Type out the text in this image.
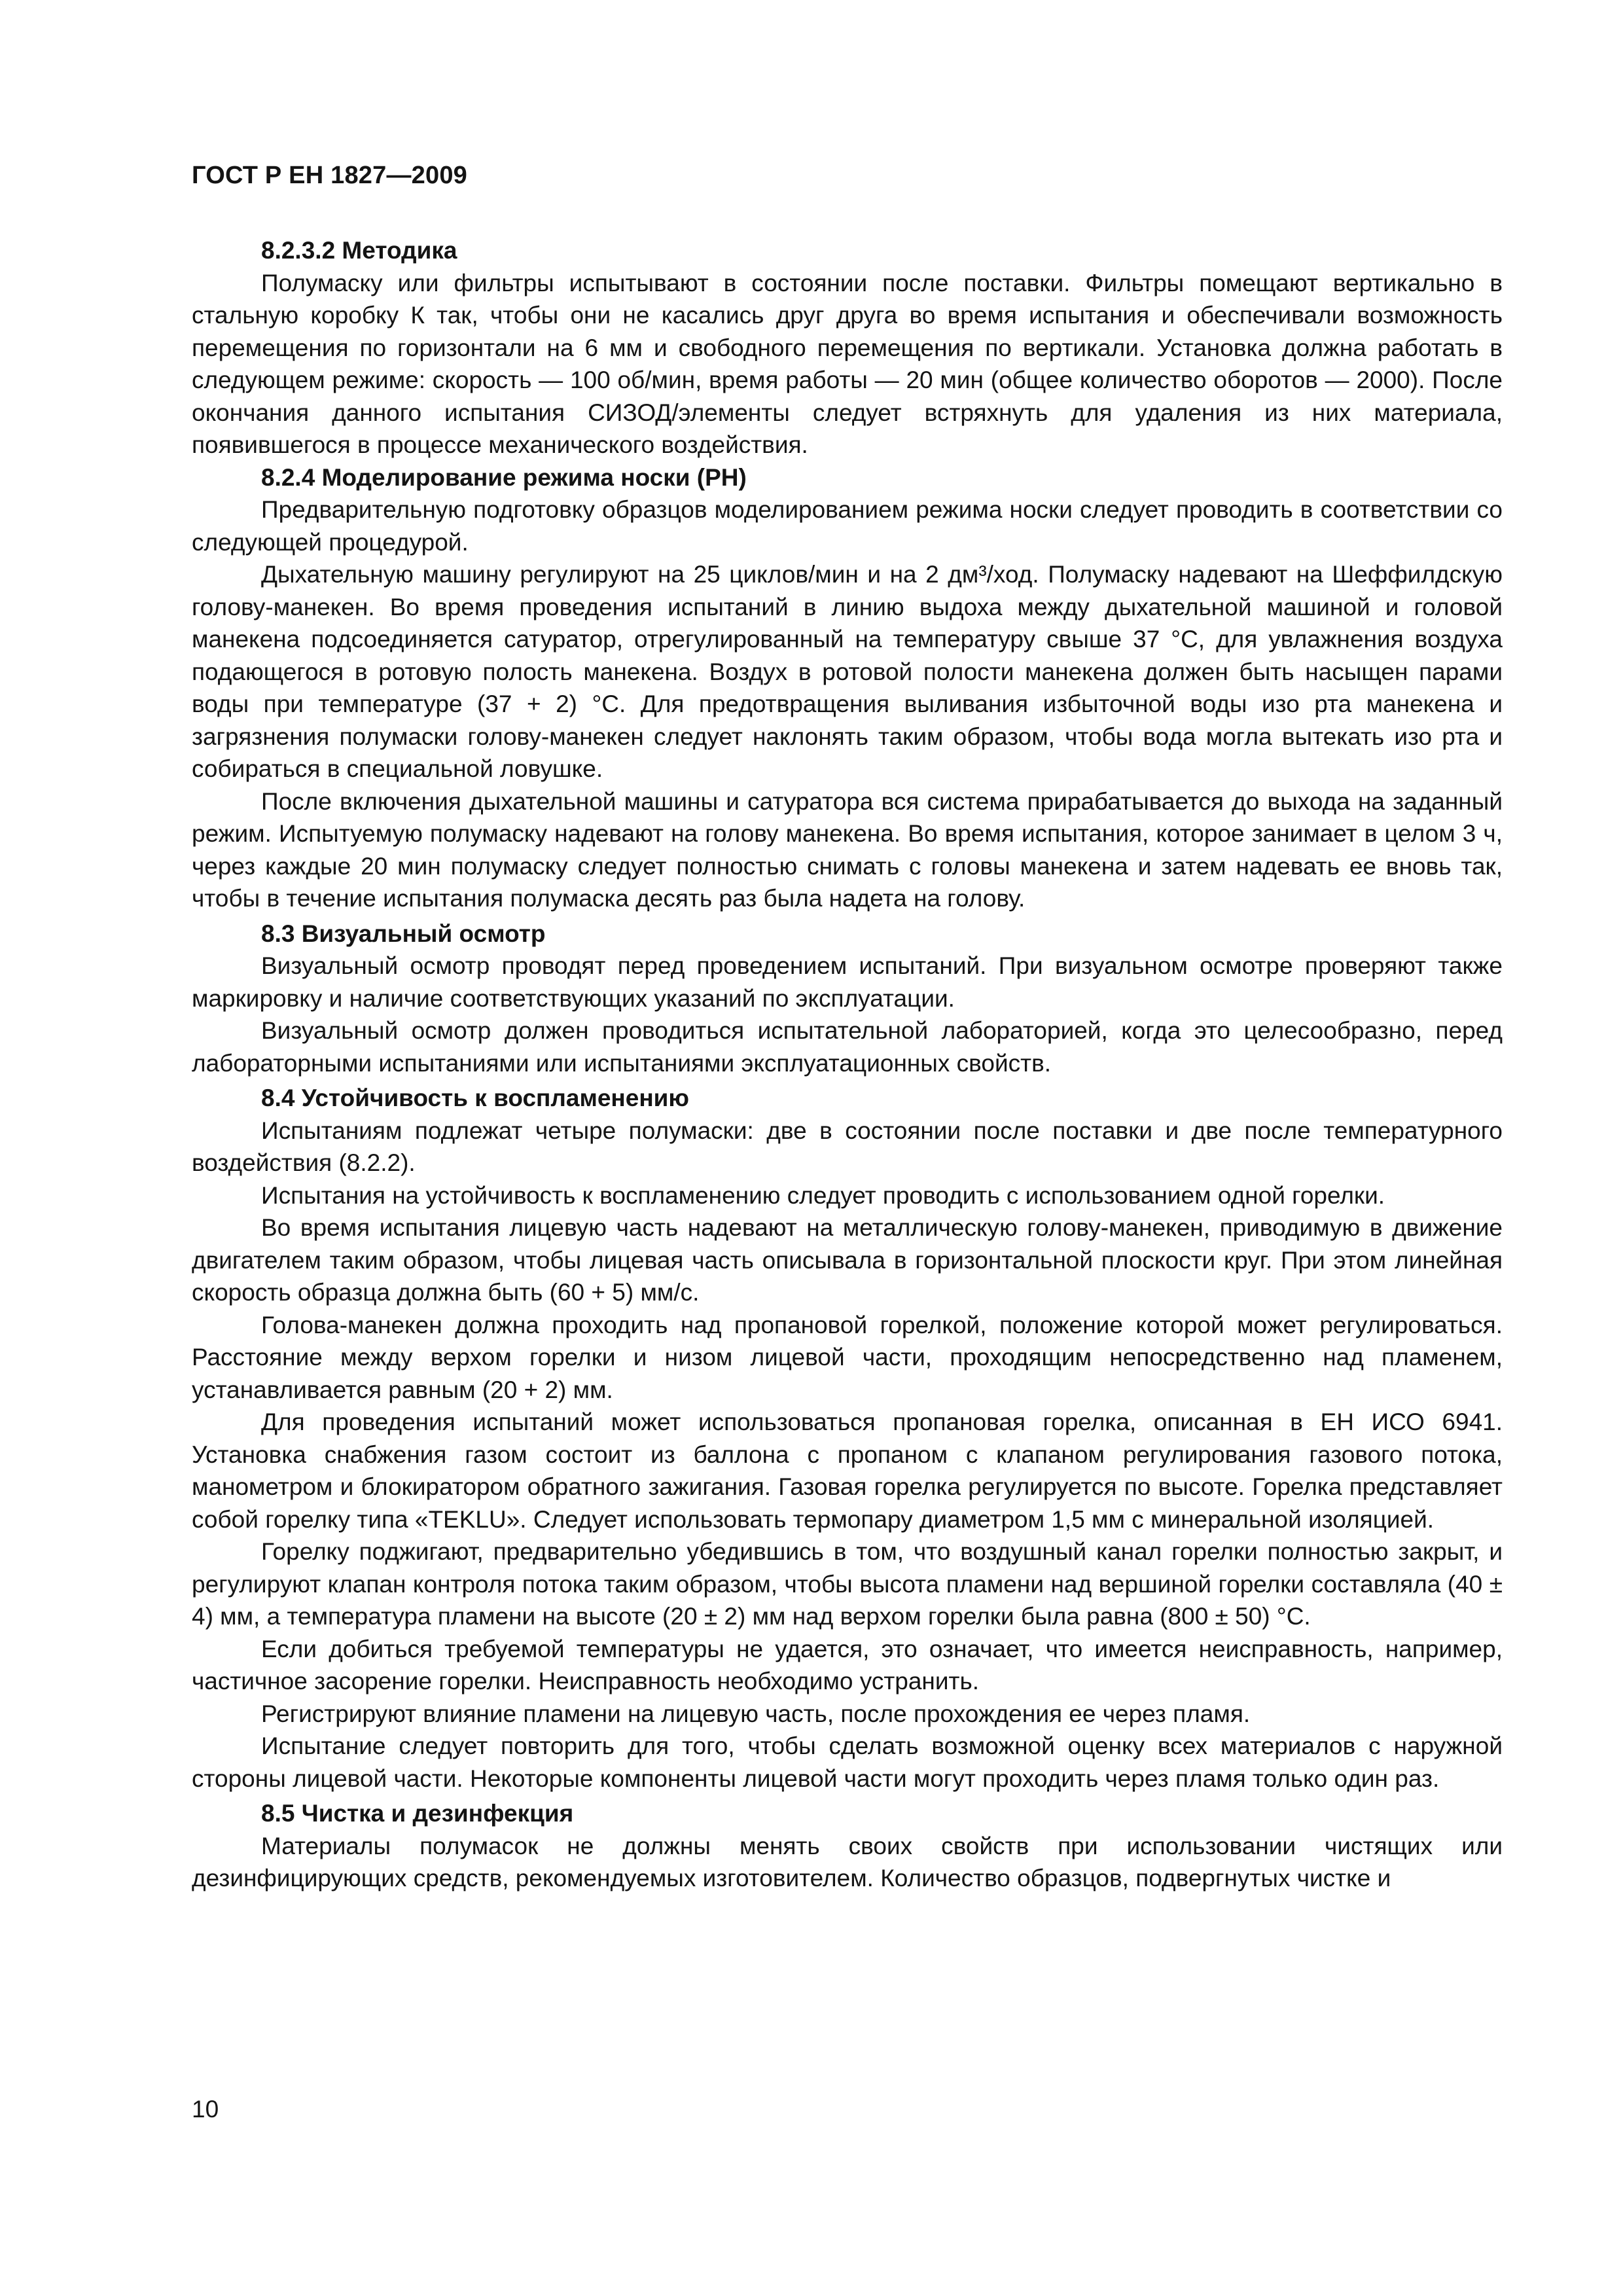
ГОСТ Р ЕН 1827—2009
8.2.3.2 Методика

Полумаску или фильтры испытывают в состоянии после поставки. Фильтры помещают вертикально в стальную коробку К так, чтобы они не касались друг друга во время испытания и обеспечивали возможность перемещения по горизонтали на 6 мм и свободного перемещения по вертикали. Установка должна работать в следующем режиме: скорость — 100 об/мин, время работы — 20 мин (общее количество оборотов — 2000). После окончания данного испытания СИЗОД/элементы следует встряхнуть для удаления из них материала, появившегося в процессе механического воздействия.

8.2.4 Моделирование режима носки (РН)

Предварительную подготовку образцов моделированием режима носки следует проводить в соответствии со следующей процедурой.

Дыхательную машину регулируют на 25 циклов/мин и на 2 дм³/ход. Полумаску надевают на Шеффилдскую голову-манекен. Во время проведения испытаний в линию выдоха между дыхательной машиной и головой манекена подсоединяется сатуратор, отрегулированный на температуру свыше 37 °С, для увлажнения воздуха подающегося в ротовую полость манекена. Воздух в ротовой полости манекена должен быть насыщен парами воды при температуре (37 + 2) °С. Для предотвращения выливания избыточной воды изо рта манекена и загрязнения полумаски голову-манекен следует наклонять таким образом, чтобы вода могла вытекать изо рта и собираться в специальной ловушке.

После включения дыхательной машины и сатуратора вся система прирабатывается до выхода на заданный режим. Испытуемую полумаску надевают на голову манекена. Во время испытания, которое занимает в целом 3 ч, через каждые 20 мин полумаску следует полностью снимать с головы манекена и затем надевать ее вновь так, чтобы в течение испытания полумаска десять раз была надета на голову.

8.3 Визуальный осмотр

Визуальный осмотр проводят перед проведением испытаний. При визуальном осмотре проверяют также маркировку и наличие соответствующих указаний по эксплуатации.

Визуальный осмотр должен проводиться испытательной лабораторией, когда это целесообразно, перед лабораторными испытаниями или испытаниями эксплуатационных свойств.

8.4 Устойчивость к воспламенению

Испытаниям подлежат четыре полумаски: две в состоянии после поставки и две после температурного воздействия (8.2.2).

Испытания на устойчивость к воспламенению следует проводить с использованием одной горелки.

Во время испытания лицевую часть надевают на металлическую голову-манекен, приводимую в движение двигателем таким образом, чтобы лицевая часть описывала в горизонтальной плоскости круг. При этом линейная скорость образца должна быть (60 + 5) мм/с.

Голова-манекен должна проходить над пропановой горелкой, положение которой может регулироваться. Расстояние между верхом горелки и низом лицевой части, проходящим непосредственно над пламенем, устанавливается равным (20 + 2) мм.

Для проведения испытаний может использоваться пропановая горелка, описанная в ЕН ИСО 6941. Установка снабжения газом состоит из баллона с пропаном с клапаном регулирования газового потока, манометром и блокиратором обратного зажигания. Газовая горелка регулируется по высоте. Горелка представляет собой горелку типа «TEKLU». Следует использовать термопару диаметром 1,5 мм с минеральной изоляцией.

Горелку поджигают, предварительно убедившись в том, что воздушный канал горелки полностью закрыт, и регулируют клапан контроля потока таким образом, чтобы высота пламени над вершиной горелки составляла (40 ± 4) мм, а температура пламени на высоте (20 ± 2) мм над верхом горелки была равна (800 ± 50) °С.

Если добиться требуемой температуры не удается, это означает, что имеется неисправность, например, частичное засорение горелки. Неисправность необходимо устранить.

Регистрируют влияние пламени на лицевую часть, после прохождения ее через пламя.

Испытание следует повторить для того, чтобы сделать возможной оценку всех материалов с наружной стороны лицевой части. Некоторые компоненты лицевой части могут проходить через пламя только один раз.

8.5 Чистка и дезинфекция

Материалы полумасок не должны менять своих свойств при использовании чистящих или дезинфицирующих средств, рекомендуемых изготовителем. Количество образцов, подвергнутых чистке и

10
